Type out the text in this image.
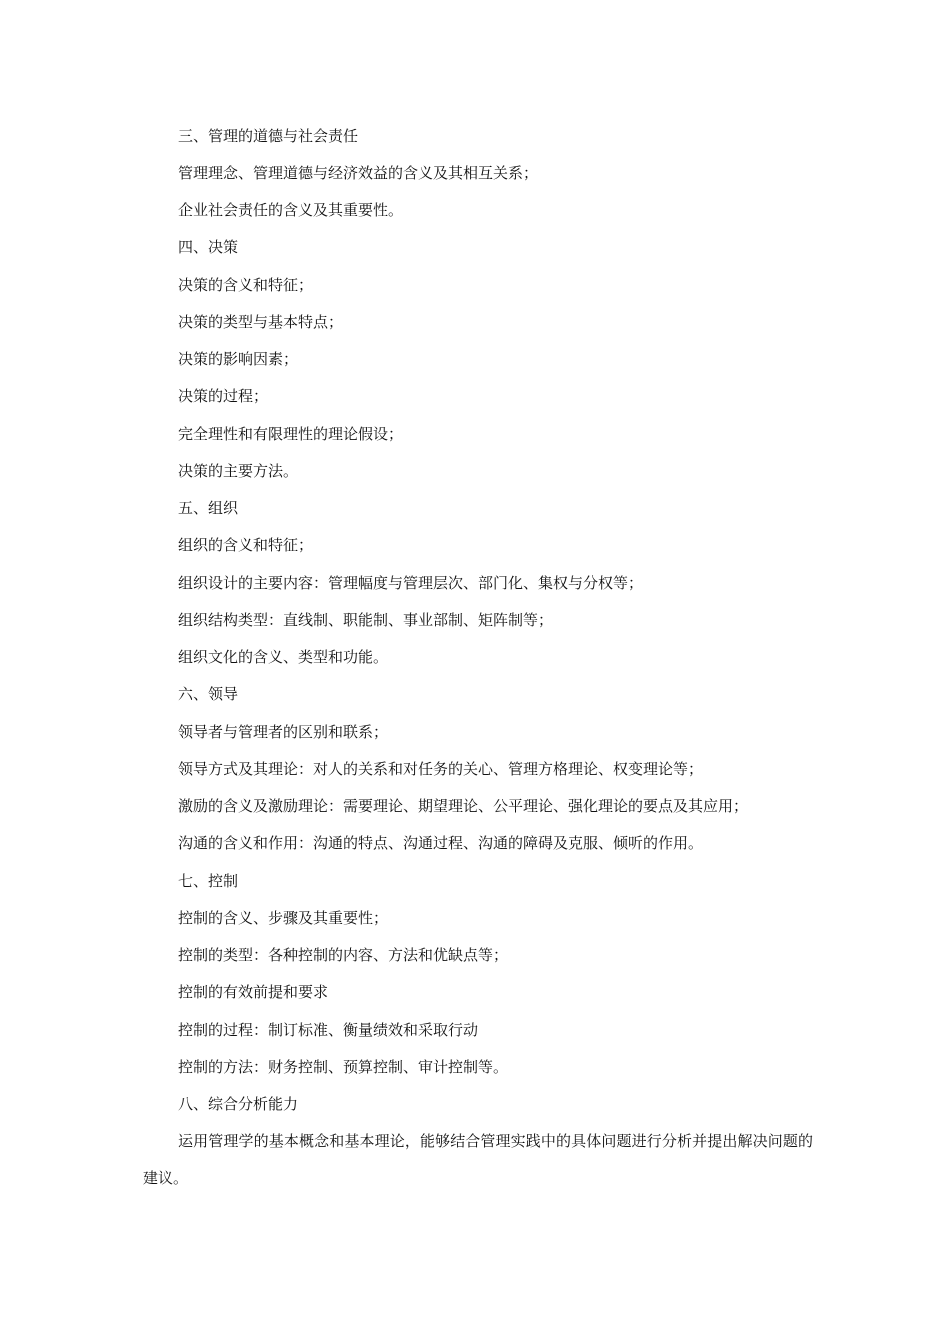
三、管理的道德与社会责任
管理理念、管理道德与经济效益的含义及其相互关系；
企业社会责任的含义及其重要性。
四、决策
决策的含义和特征；
决策的类型与基本特点；
决策的影响因素；
决策的过程；
完全理性和有限理性的理论假设；
决策的主要方法。
五、组织
组织的含义和特征；
组织设计的主要内容：管理幅度与管理层次、部门化、集权与分权等；
组织结构类型：直线制、职能制、事业部制、矩阵制等；
组织文化的含义、类型和功能。
六、领导
领导者与管理者的区别和联系；
领导方式及其理论：对人的关系和对任务的关心、管理方格理论、权变理论等；
激励的含义及激励理论：需要理论、期望理论、公平理论、强化理论的要点及其应用；
沟通的含义和作用：沟通的特点、沟通过程、沟通的障碍及克服、倾听的作用。
七、控制
控制的含义、步骤及其重要性；
控制的类型：各种控制的内容、方法和优缺点等；
控制的有效前提和要求
控制的过程：制订标准、衡量绩效和采取行动
控制的方法：财务控制、预算控制、审计控制等。
八、综合分析能力
运用管理学的基本概念和基本理论，能够结合管理实践中的具体问题进行分析并提出解决问题的建议。
